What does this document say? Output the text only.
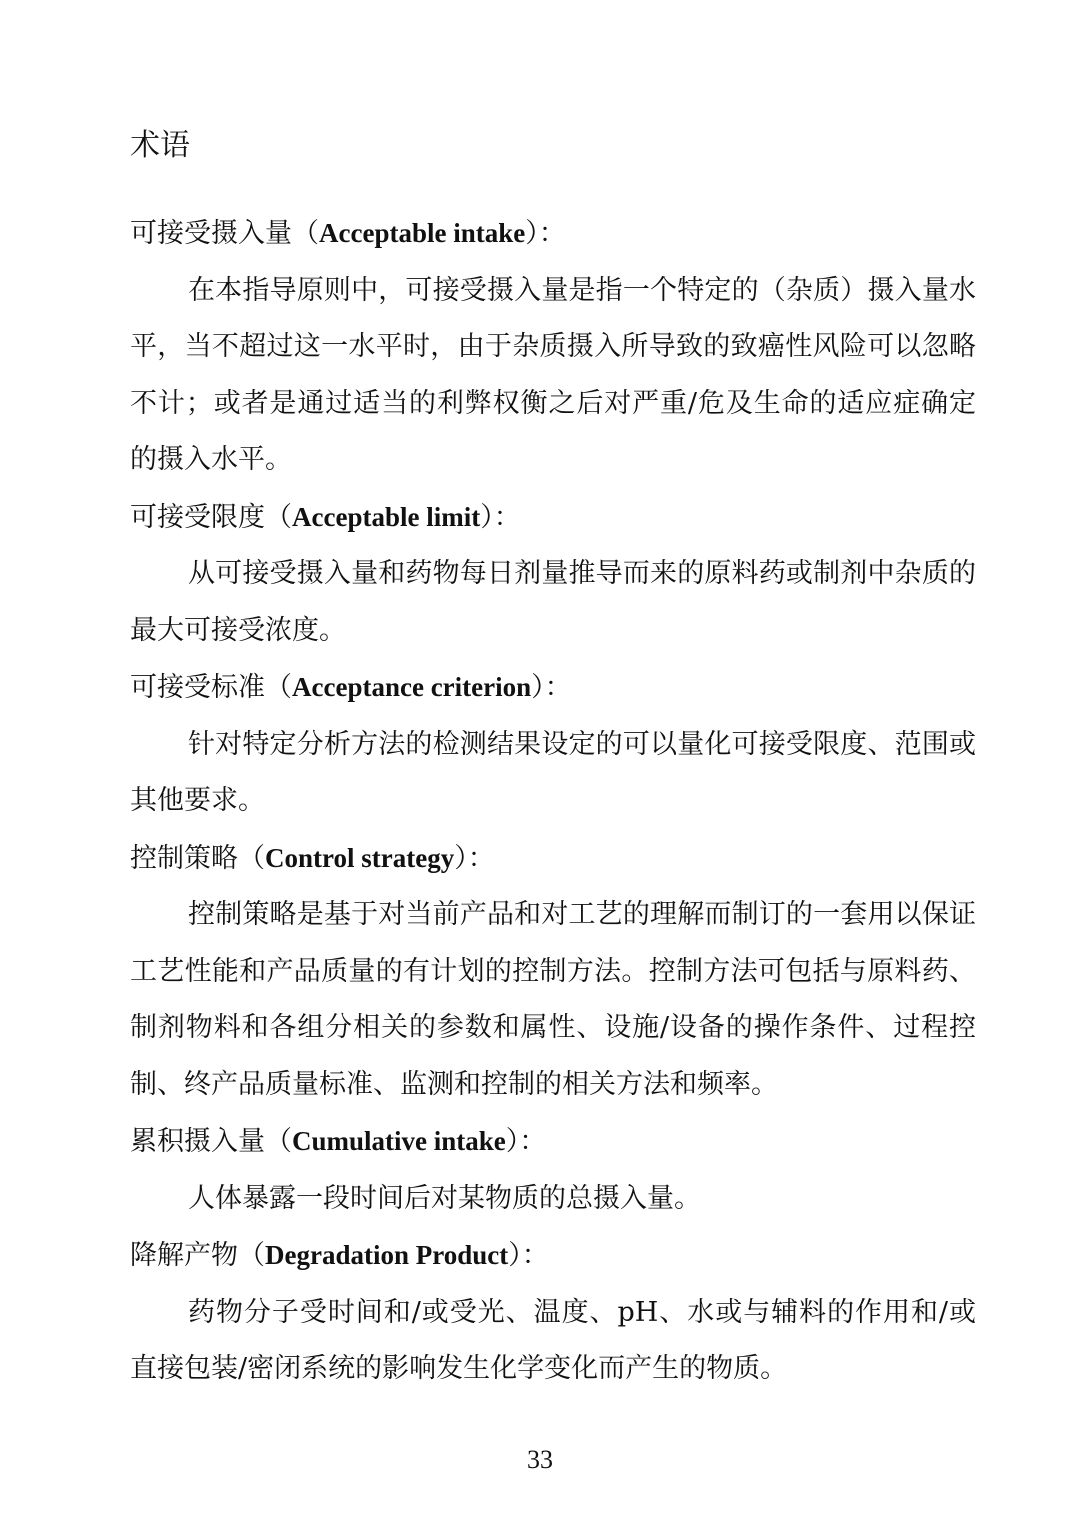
术语

可接受摄入量（Acceptable intake）：

在本指导原则中，可接受摄入量是指一个特定的（杂质）摄入量水平，当不超过这一水平时，由于杂质摄入所导致的致癌性风险可以忽略不计；或者是通过适当的利弊权衡之后对严重/危及生命的适应症确定的摄入水平。

可接受限度（Acceptable limit）：

从可接受摄入量和药物每日剂量推导而来的原料药或制剂中杂质的最大可接受浓度。

可接受标准（Acceptance criterion）：

针对特定分析方法的检测结果设定的可以量化可接受限度、范围或其他要求。

控制策略（Control strategy）：

控制策略是基于对当前产品和对工艺的理解而制订的一套用以保证工艺性能和产品质量的有计划的控制方法。控制方法可包括与原料药、制剂物料和各组分相关的参数和属性、设施/设备的操作条件、过程控制、终产品质量标准、监测和控制的相关方法和频率。

累积摄入量（Cumulative intake）：

人体暴露一段时间后对某物质的总摄入量。

降解产物（Degradation Product）：

药物分子受时间和/或受光、温度、pH、水或与辅料的作用和/或直接包装/密闭系统的影响发生化学变化而产生的物质。

33
